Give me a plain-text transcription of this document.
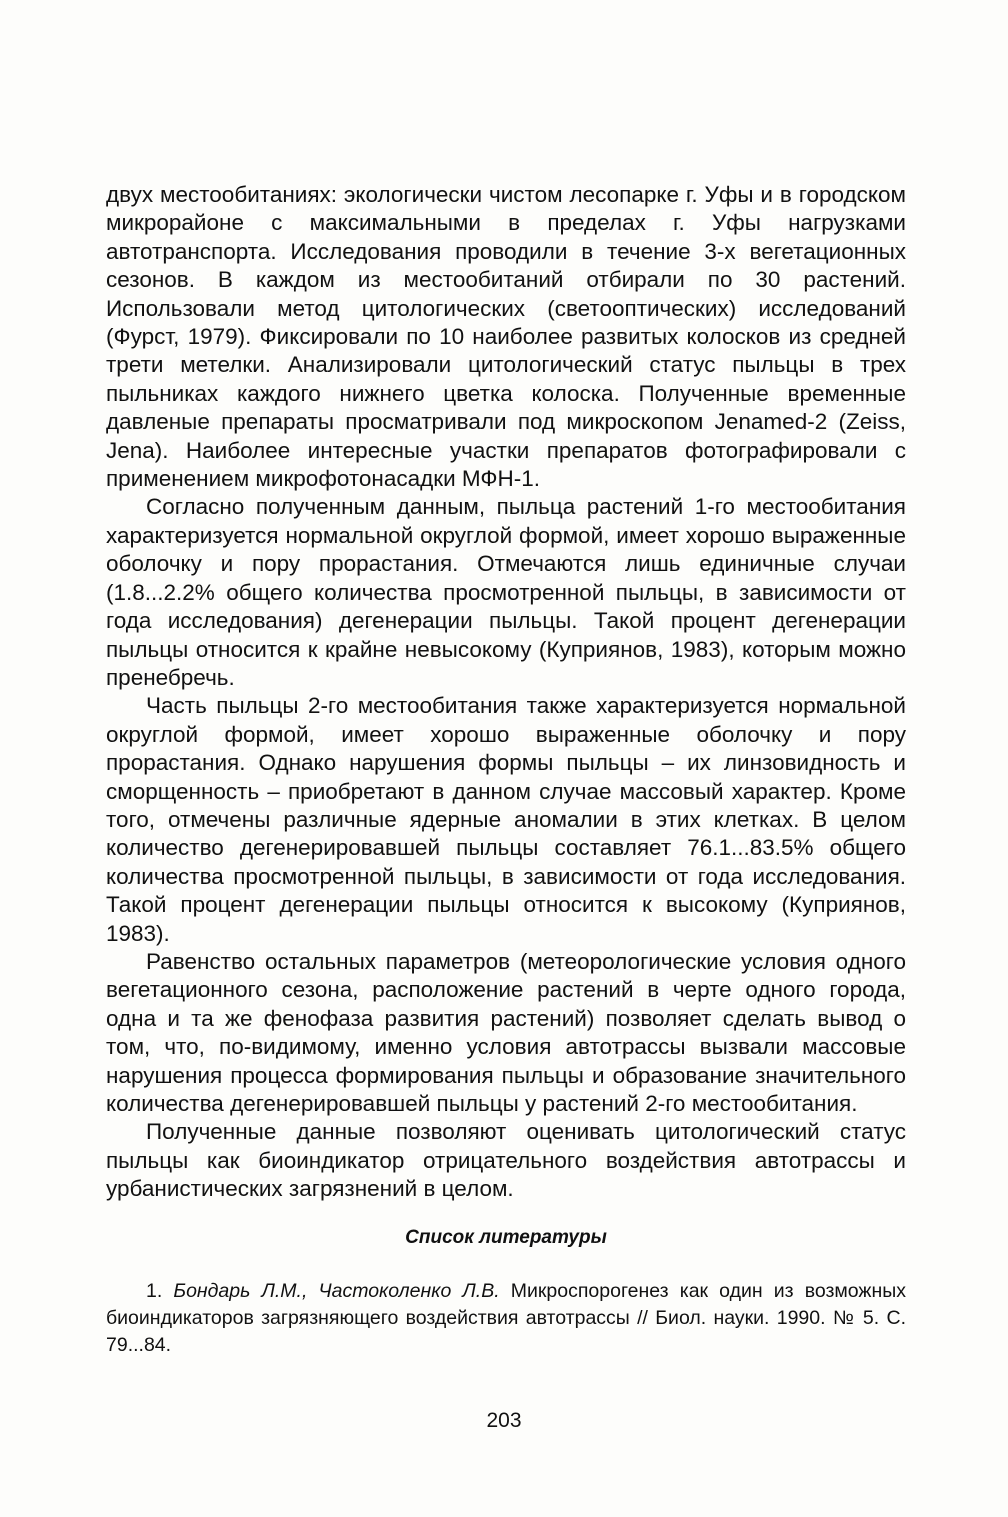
двух местообитаниях: экологически чистом лесопарке г. Уфы и в городском микрорайоне с максимальными в пределах г. Уфы нагрузками автотранспорта. Исследования проводили в течение 3-х вегетационных сезонов. В каждом из местообитаний отбирали по 30 растений. Использовали метод цитологических (светооптических) исследований (Фурст, 1979). Фиксировали по 10 наиболее развитых колосков из средней трети метелки. Анализировали цитологический статус пыльцы в трех пыльниках каждого нижнего цветка колоска. Полученные временные давленые препараты просматривали под микроскопом Jenamed-2 (Zeiss, Jena). Наиболее интересные участки препаратов фотографировали с применением микрофотонасадки МФН-1.

Согласно полученным данным, пыльца растений 1-го местообитания характеризуется нормальной округлой формой, имеет хорошо выраженные оболочку и пору прорастания. Отмечаются лишь единичные случаи (1.8...2.2% общего количества просмотренной пыльцы, в зависимости от года исследования) дегенерации пыльцы. Такой процент дегенерации пыльцы относится к крайне невысокому (Куприянов, 1983), которым можно пренебречь.

Часть пыльцы 2-го местообитания также характеризуется нормальной округлой формой, имеет хорошо выраженные оболочку и пору прорастания. Однако нарушения формы пыльцы – их линзовидность и сморщенность – приобретают в данном случае массовый характер. Кроме того, отмечены различные ядерные аномалии в этих клетках. В целом количество дегенерировавшей пыльцы составляет 76.1...83.5% общего количества просмотренной пыльцы, в зависимости от года исследования. Такой процент дегенерации пыльцы относится к высокому (Куприянов, 1983).

Равенство остальных параметров (метеорологические условия одного вегетационного сезона, расположение растений в черте одного города, одна и та же фенофаза развития растений) позволяет сделать вывод о том, что, по-видимому, именно условия автотрассы вызвали массовые нарушения процесса формирования пыльцы и образование значительного количества дегенерировавшей пыльцы у растений 2-го местообитания.

Полученные данные позволяют оценивать цитологический статус пыльцы как биоиндикатор отрицательного воздействия автотрассы и урбанистических загрязнений в целом.

Список литературы

1. Бондарь Л.М., Частоколенко Л.В. Микроспорогенез как один из возможных биоиндикаторов загрязняющего воздействия автотрассы // Биол. науки. 1990. № 5. С. 79...84.

203
